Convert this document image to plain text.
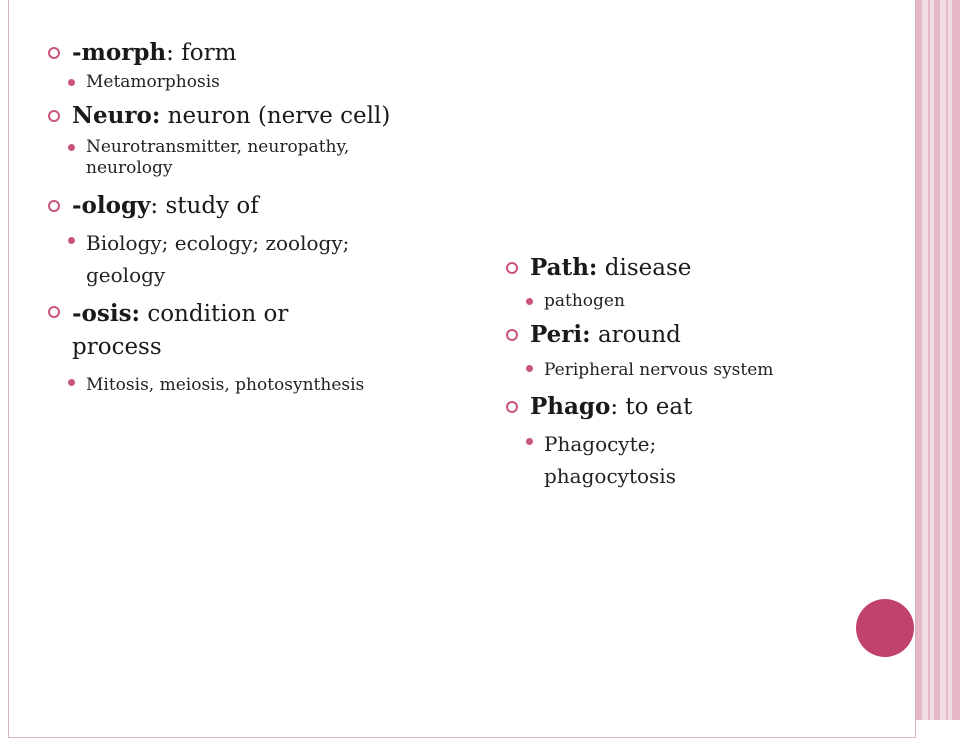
-morph: form
Metamorphosis
Neuro: neuron (nerve cell)
Neurotransmitter, neuropathy, neurology
-ology: study of
Biology; ecology; zoology; geology
-osis: condition or process
Mitosis, meiosis, photosynthesis
Path: disease
pathogen
Peri: around
Peripheral nervous system
Phago: to eat
Phagocyte; phagocytosis
